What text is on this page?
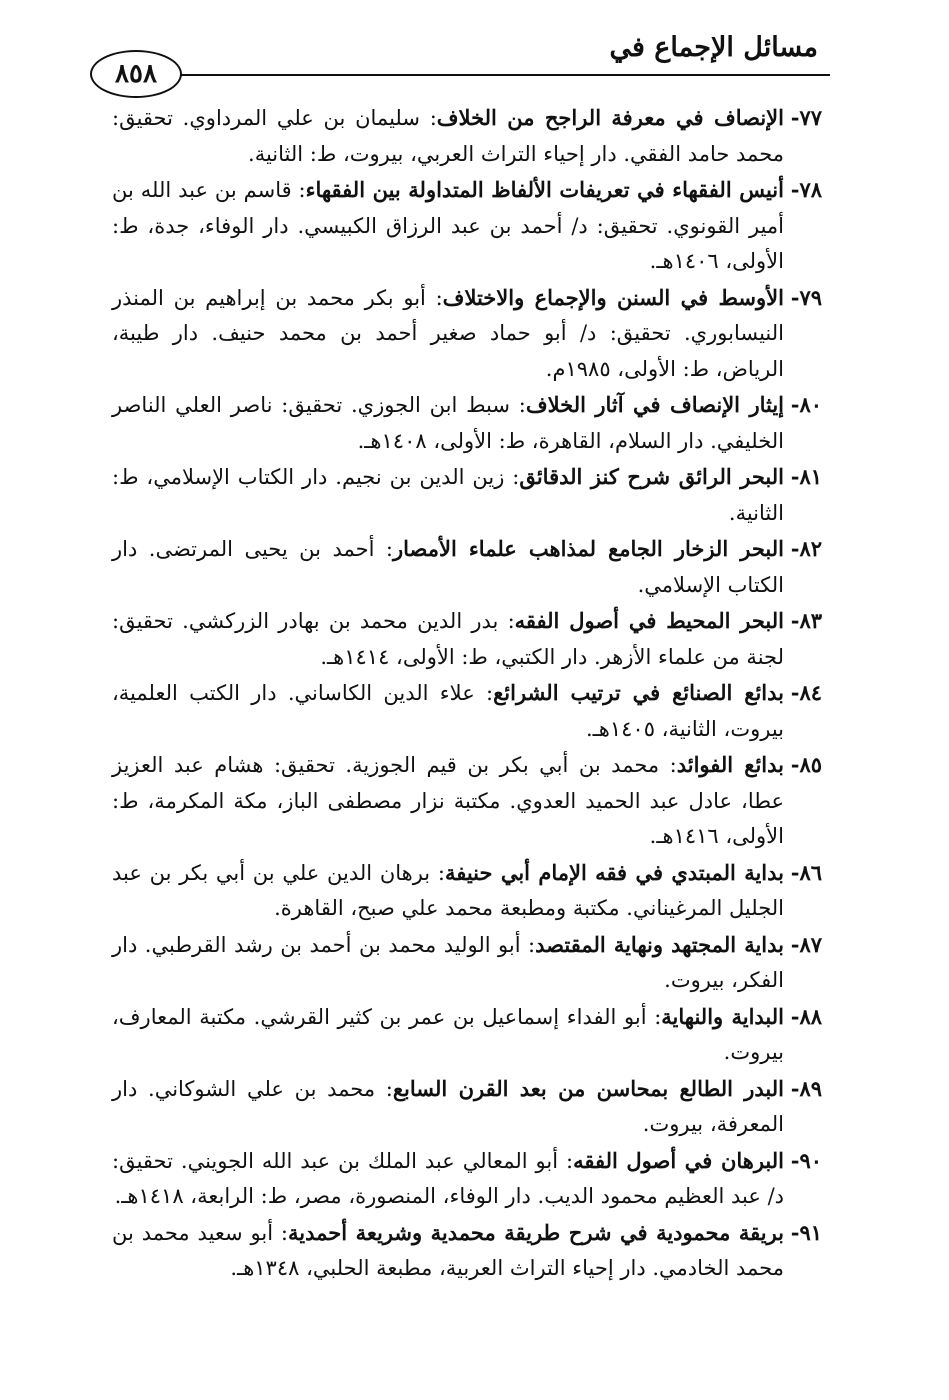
مسائل الإجماع في
٨٥٨
٧٧-
الإنصاف في معرفة الراجح من الخلاف: سليمان بن علي المرداوي. تحقيق: محمد حامد الفقي. دار إحياء التراث العربي، بيروت، ط: الثانية.
٧٨-
أنيس الفقهاء في تعريفات الألفاظ المتداولة بين الفقهاء: قاسم بن عبد الله بن أمير القونوي. تحقيق: د/ أحمد بن عبد الرزاق الكبيسي. دار الوفاء، جدة، ط: الأولى، ١٤٠٦هـ.
٧٩-
الأوسط في السنن والإجماع والاختلاف: أبو بكر محمد بن إبراهيم بن المنذر النيسابوري. تحقيق: د/ أبو حماد صغير أحمد بن محمد حنيف. دار طيبة، الرياض، ط: الأولى، ١٩٨٥م.
٨٠-
إيثار الإنصاف في آثار الخلاف: سبط ابن الجوزي. تحقيق: ناصر العلي الناصر الخليفي. دار السلام، القاهرة، ط: الأولى، ١٤٠٨هـ.
٨١-
البحر الرائق شرح كنز الدقائق: زين الدين بن نجيم. دار الكتاب الإسلامي، ط: الثانية.
٨٢-
البحر الزخار الجامع لمذاهب علماء الأمصار: أحمد بن يحيى المرتضى. دار الكتاب الإسلامي.
٨٣-
البحر المحيط في أصول الفقه: بدر الدين محمد بن بهادر الزركشي. تحقيق: لجنة من علماء الأزهر. دار الكتبي، ط: الأولى، ١٤١٤هـ.
٨٤-
بدائع الصنائع في ترتيب الشرائع: علاء الدين الكاساني. دار الكتب العلمية، بيروت، الثانية، ١٤٠٥هـ.
٨٥-
بدائع الفوائد: محمد بن أبي بكر بن قيم الجوزية. تحقيق: هشام عبد العزيز عطا، عادل عبد الحميد العدوي. مكتبة نزار مصطفى الباز، مكة المكرمة، ط: الأولى، ١٤١٦هـ.
٨٦-
بداية المبتدي في فقه الإمام أبي حنيفة: برهان الدين علي بن أبي بكر بن عبد الجليل المرغيناني. مكتبة ومطبعة محمد علي صبح، القاهرة.
٨٧-
بداية المجتهد ونهاية المقتصد: أبو الوليد محمد بن أحمد بن رشد القرطبي. دار الفكر، بيروت.
٨٨-
البداية والنهاية: أبو الفداء إسماعيل بن عمر بن كثير القرشي. مكتبة المعارف، بيروت.
٨٩-
البدر الطالع بمحاسن من بعد القرن السابع: محمد بن علي الشوكاني. دار المعرفة، بيروت.
٩٠-
البرهان في أصول الفقه: أبو المعالي عبد الملك بن عبد الله الجويني. تحقيق: د/ عبد العظيم محمود الديب. دار الوفاء، المنصورة، مصر، ط: الرابعة، ١٤١٨هـ.
٩١-
بريقة محمودية في شرح طريقة محمدية وشريعة أحمدية: أبو سعيد محمد بن محمد الخادمي. دار إحياء التراث العربية، مطبعة الحلبي، ١٣٤٨هـ.
